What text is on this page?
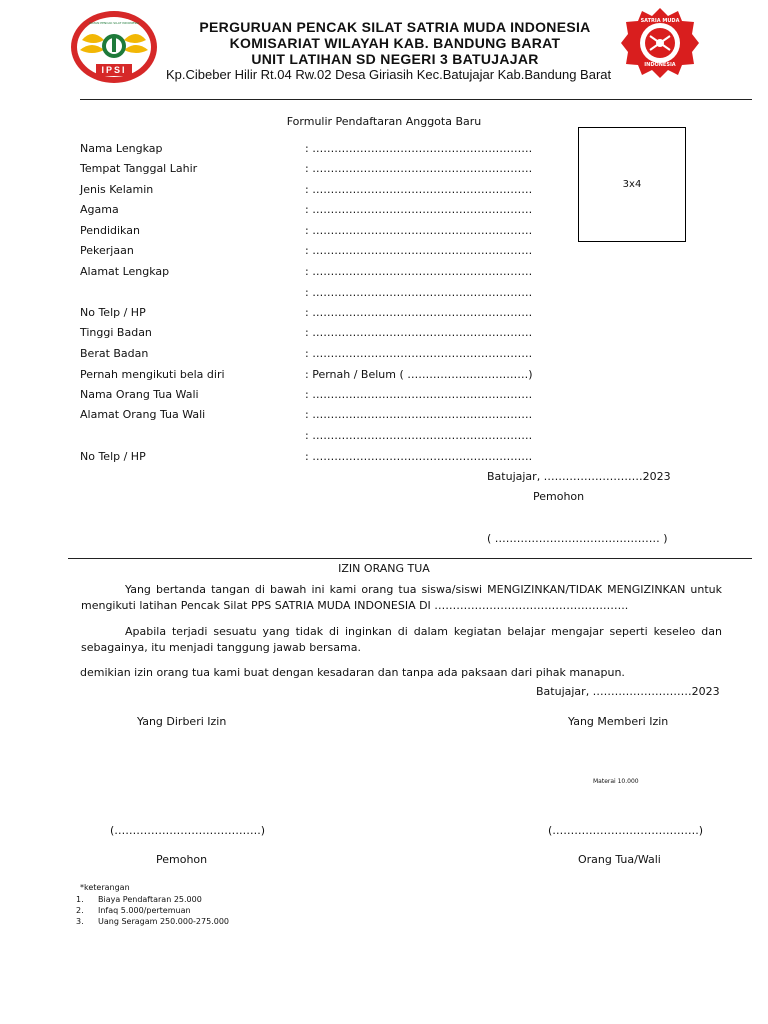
IKATAN PENCAK SILAT INDONESIA
IPSI
PERGURUAN PENCAK SILAT SATRIA MUDA INDONESIA
KOMISARIAT WILAYAH KAB. BANDUNG BARAT
UNIT LATIHAN SD NEGERI 3 BATUJAJAR
Kp.Cibeber Hilir Rt.04 Rw.02 Desa Giriasih Kec.Batujajar Kab.Bandung Barat
SATRIA MUDA
INDONESIA
Formulir Pendaftaran Anggota Baru
3x4
Nama Lengkap	: ……………………………………………………
Tempat Tanggal Lahir	: ……………………………………………………
Jenis Kelamin	: ……………………………………………………
Agama	: ……………………………………………………
Pendidikan	: ……………………………………………………
Pekerjaan	: ……………………………………………………
Alamat Lengkap	: ……………………………………………………
: ……………………………………………………
No Telp / HP	: ……………………………………………………
Tinggi Badan	: ……………………………………………………
Berat Badan	: ……………………………………………………
Pernah mengikuti bela diri	: Pernah / Belum ( ……………………………)
Nama Orang Tua Wali	: ……………………………………………………
Alamat Orang Tua Wali	: ……………………………………………………
: ……………………………………………………
No Telp / HP	: ……………………………………………………
Batujajar, ………………………2023
Pemohon
( ……………………………………… )
IZIN ORANG TUA
Yang bertanda tangan di bawah ini kami orang tua siswa/siswi MENGIZINKAN/TIDAK MENGIZINKAN untuk mengikuti latihan Pencak Silat PPS SATRIA MUDA INDONESIA DI ……………………………………………..
Apabila terjadi sesuatu yang tidak di inginkan di dalam kegiatan belajar mengajar seperti keseleo dan sebagainya, itu menjadi tanggung jawab bersama.
demikian izin orang tua kami buat dengan kesadaran dan tanpa ada paksaan dari pihak manapun.
Batujajar, ………………………2023
Yang Dirberi Izin	Yang Memberi Izin
Materai 10.000
(………………………………….)	(………………………………….)
Pemohon	Orang Tua/Wali
*keterangan
1. Biaya Pendaftaran 25.000
2. Infaq 5.000/pertemuan
3. Uang Seragam 250.000-275.000
